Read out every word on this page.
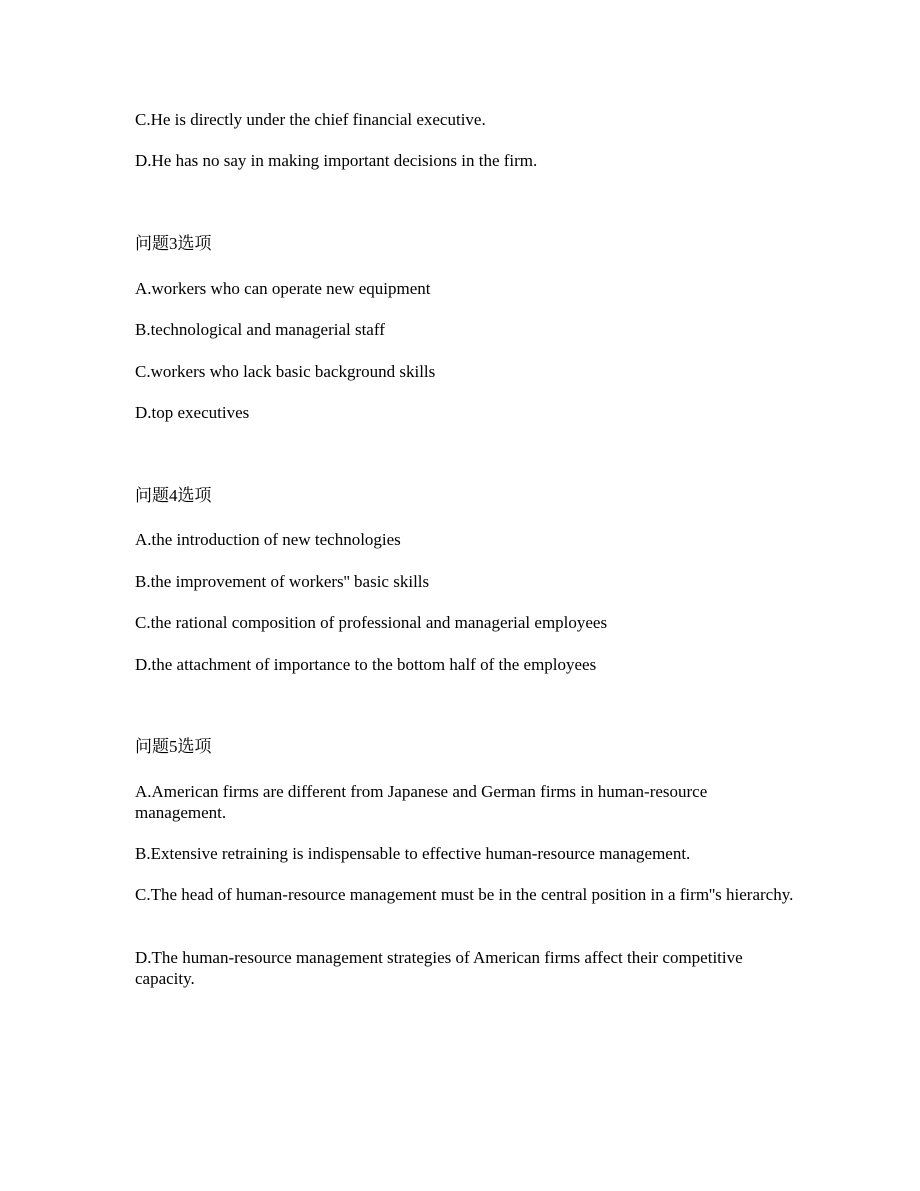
C.He is directly under the chief financial executive.

D.He has no say in making important decisions in the firm.

问题3选项

A.workers who can operate new equipment

B.technological and managerial staff

C.workers who lack basic background skills

D.top executives

问题4选项

A.the introduction of new technologies

B.the improvement of workers'' basic skills

C.the rational composition of professional and managerial employees

D.the attachment of importance to the bottom half of the employees

问题5选项

A.American firms are different from Japanese and German firms in human-resource management.

B.Extensive retraining is indispensable to effective human-resource management.

C.The head of human-resource management must be in the central position in a firm''s hierarchy.

D.The human-resource management strategies of American firms affect their competitive capacity.
